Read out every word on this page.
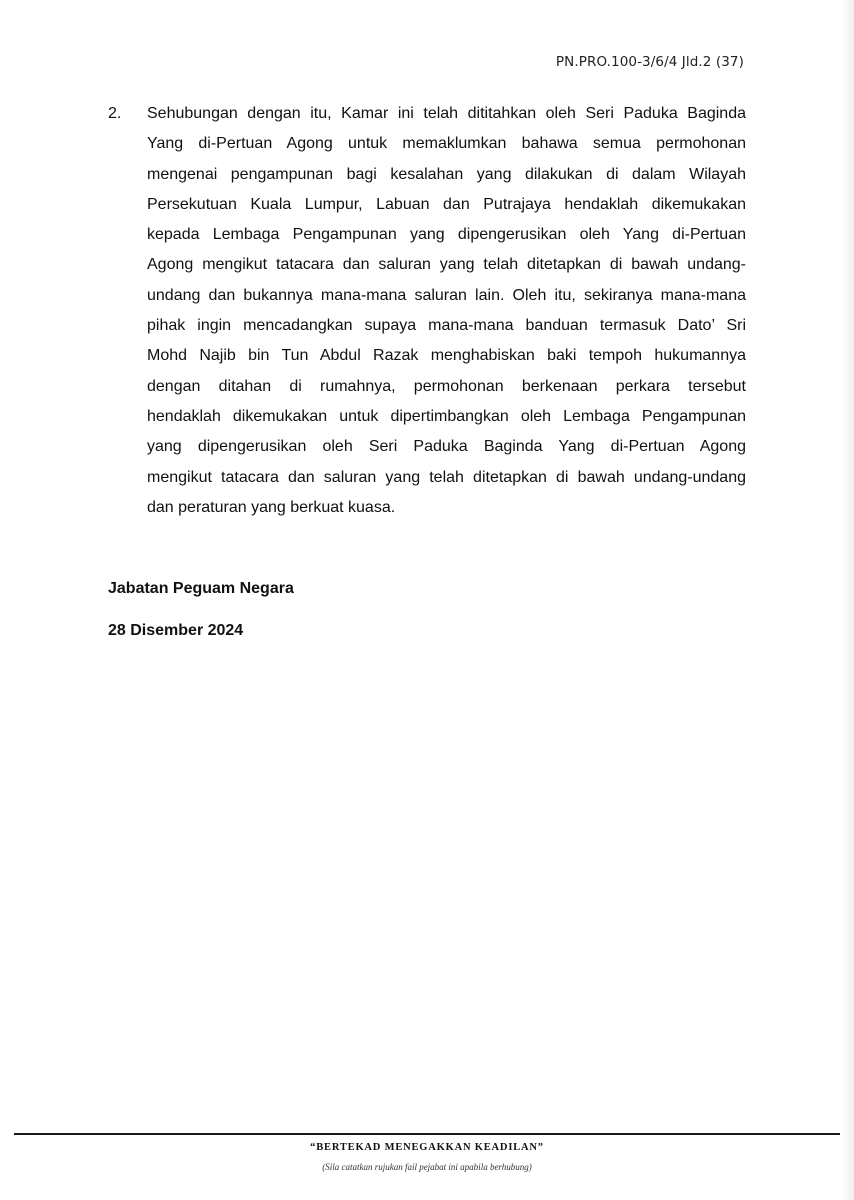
PN.PRO.100-3/6/4 Jld.2 (37)
2. Sehubungan dengan itu, Kamar ini telah dititahkan oleh Seri Paduka Baginda
Yang di-Pertuan Agong untuk memaklumkan bahawa semua permohonan
mengenai pengampunan bagi kesalahan yang dilakukan di dalam Wilayah
Persekutuan Kuala Lumpur, Labuan dan Putrajaya hendaklah dikemukakan
kepada Lembaga Pengampunan yang dipengerusikan oleh Yang di-Pertuan
Agong mengikut tatacara dan saluran yang telah ditetapkan di bawah undang-
undang dan bukannya mana-mana saluran lain. Oleh itu, sekiranya mana-mana
pihak ingin mencadangkan supaya mana-mana banduan termasuk Dato’ Sri
Mohd Najib bin Tun Abdul Razak menghabiskan baki tempoh hukumannya
dengan ditahan di rumahnya, permohonan berkenaan perkara tersebut
hendaklah dikemukakan untuk dipertimbangkan oleh Lembaga Pengampunan
yang dipengerusikan oleh Seri Paduka Baginda Yang di-Pertuan Agong
mengikut tatacara dan saluran yang telah ditetapkan di bawah undang-undang
dan peraturan yang berkuat kuasa.
Jabatan Peguam Negara
28 Disember 2024
“BERTEKAD MENEGAKKAN KEADILAN”
(Sila catatkan rujukan fail pejabat ini apabila berhubung)
